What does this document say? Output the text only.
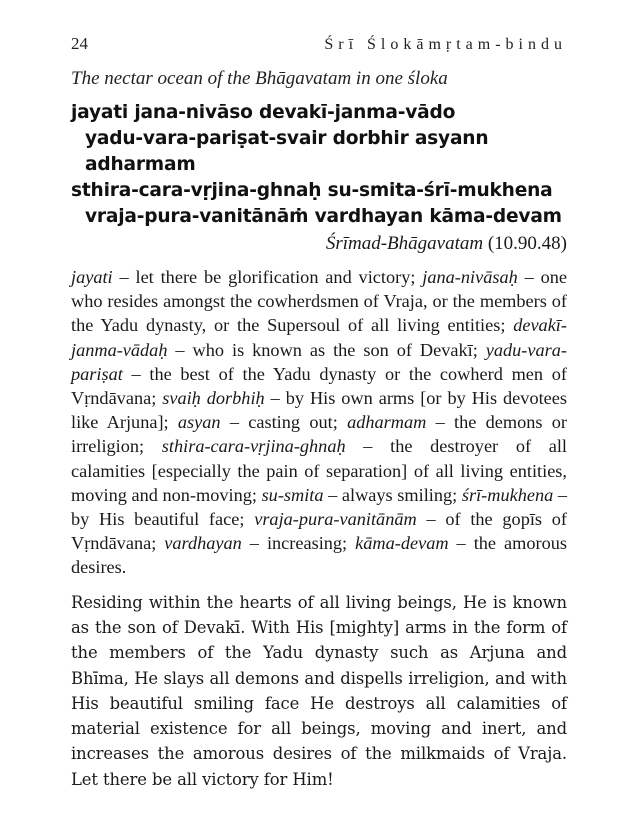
24	Śrī Ślokāmṛtam-bindu
The nectar ocean of the Bhāgavatam in one śloka
jayati jana-nivāso devakī-janma-vādo
yadu-vara-pariṣat-svair dorbhir asyann adharmam
sthira-cara-vṛjina-ghnaḥ su-smita-śrī-mukhena
vraja-pura-vanitānāṁ vardhayan kāma-devam
Śrīmad-Bhāgavatam (10.90.48)
jayati – let there be glorification and victory; jana-nivāsaḥ – one who resides amongst the cowherdsmen of Vraja, or the members of the Yadu dynasty, or the Supersoul of all living entities; devakī-janma-vādaḥ – who is known as the son of Devakī; yadu-vara-pariṣat – the best of the Yadu dynasty or the cowherd men of Vṛndāvana; svaiḥ dorbhiḥ – by His own arms [or by His devotees like Arjuna]; asyan – casting out; adharmam – the demons or irreligion; sthira-cara-vṛjina-ghnaḥ – the destroyer of all calamities [especially the pain of separation] of all living entities, moving and non-moving; su-smita – always smiling; śrī-mukhena – by His beautiful face; vraja-pura-vanitānām – of the gopīs of Vṛndāvana; vardhayan – increasing; kāma-devam – the amorous desires.
Residing within the hearts of all living beings, He is known as the son of Devakī. With His [mighty] arms in the form of the members of the Yadu dynasty such as Arjuna and Bhīma, He slays all demons and dispells irreligion, and with His beautiful smiling face He destroys all calamities of material existence for all beings, moving and inert, and increases the amorous desires of the milkmaids of Vraja. Let there be all victory for Him!
